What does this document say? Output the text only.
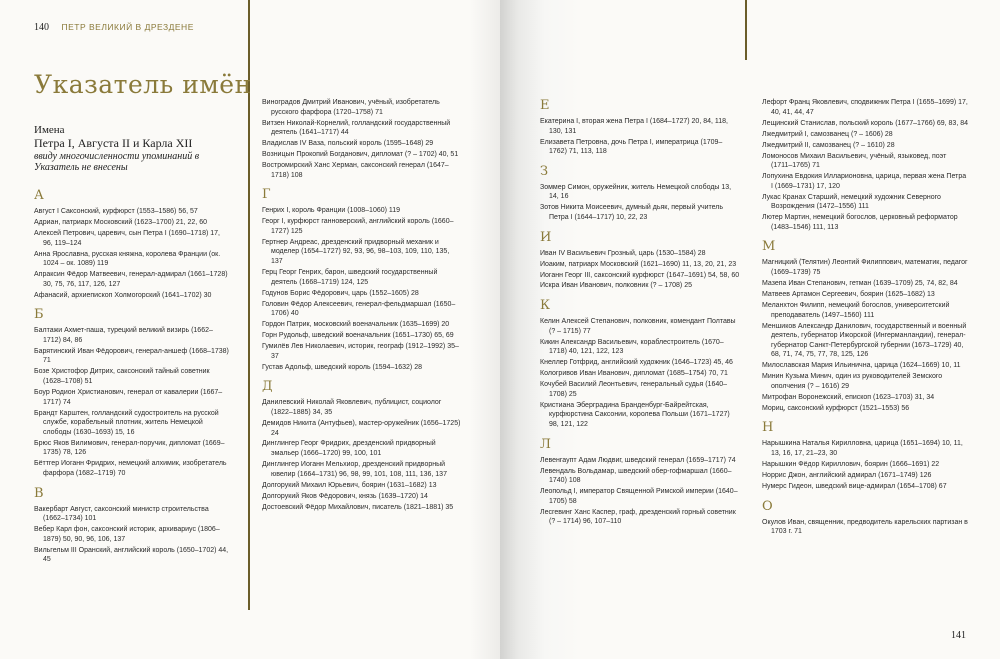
140 ПЕТР ВЕЛИКИЙ В ДРЕЗДЕНЕ
Указатель имён
Имена
Петра I, Августа II и Карла XII
ввиду многочисленности упоминаний в Указатель не внесены
А
Август I Саксонский, курфюрст (1553–1586) 56, 57
Адриан, патриарх Московский (1623–1700) 21, 22, 60
Алексей Петрович, царевич, сын Петра I (1690–1718) 17, 96, 119–124
Анна Ярославна, русская княжна, королева Франции (ок. 1024 – ок. 1089) 119
Апраксин Фёдор Матвеевич, генерал-адмирал (1661–1728) 30, 75, 76, 117, 126, 127
Афанасий, архиепископ Холмогорский (1641–1702) 30
Б
Балтажи Ахмет-паша, турецкий великий визирь (1662–1712) 84, 86
Барятинский Иван Фёдорович, генерал-аншеф (1668–1738) 71
Бозе Христофор Дитрих, саксонский тайный советник (1628–1708) 51
Боур Родион Христианович, генерал от кавалерии (1667–1717) 74
Брандт Карштен, голландский судостроитель на русской службе, корабельный плотник, житель Немецкой слободы (1630–1693) 15, 16
Брюс Яков Вилимович, генерал-поручик, дипломат (1669–1735) 78, 126
Бёттгер Иоганн Фридрих, немецкий алхимик, изобретатель фарфора (1682–1719) 70
В
Вакербарт Август, саксонский министр строительства (1662–1734) 101
Вебер Карл фон, саксонский историк, архивариус (1806–1879) 50, 90, 96, 106, 137
Вильгельм III Оранский, английский король (1650–1702) 44, 45
Виноградов Дмитрий Иванович, учёный, изобретатель русского фарфора (1720–1758) 71
Витзен Николай-Корнелий, голландский государственный деятель (1641–1717) 44
Владислав IV Ваза, польский король (1595–1648) 29
Возницын Прокопий Богданович, дипломат (? – 1702) 40, 51
Востромирский Ханс Херман, саксонский генерал (1647–1718) 108
Г
Генрих I, король Франции (1008–1060) 119
Георг I, курфюрст ганноверский, английский король (1660–1727) 125
Гертнер Андреас, дрезденский придворный механик и моделер (1654–1727) 92, 93, 96, 98–103, 109, 110, 135, 137
Герц Георг Генрих, барон, шведский государственный деятель (1668–1719) 124, 125
Годунов Борис Фёдорович, царь (1552–1605) 28
Головин Фёдор Алексеевич, генерал-фельдмаршал (1650–1706) 40
Гордон Патрик, московский военачальник (1635–1699) 20
Горн Рудольф, шведский военачальник (1651–1730) 65, 69
Гумилёв Лев Николаевич, историк, географ (1912–1992) 35–37
Густав Адольф, шведский король (1594–1632) 28
Д
Данилевский Николай Яковлевич, публицист, социолог (1822–1885) 34, 35
Демидов Никита (Антуфьев), мастер-оружейник (1656–1725) 24
Динглингер Георг Фридрих, дрезденский придворный эмальер (1666–1720) 99, 100, 101
Динглингер Иоганн Мельхиор, дрезденский придворный ювелир (1664–1731) 96, 98, 99, 101, 108, 111, 136, 137
Долгорукий Михаил Юрьевич, боярин (1631–1682) 13
Долгорукий Яков Фёдорович, князь (1639–1720) 14
Достоевский Фёдор Михайлович, писатель (1821–1881) 35
Е
Екатерина I, вторая жена Петра I (1684–1727) 20, 84, 118, 130, 131
Елизавета Петровна, дочь Петра I, императрица (1709–1762) 71, 113, 118
З
Зоммер Симон, оружейник, житель Немецкой слободы 13, 14, 16
Зотов Никита Моисеевич, думный дьяк, первый учитель Петра I (1644–1717) 10, 22, 23
И
Иван IV Васильевич Грозный, царь (1530–1584) 28
Иоаким, патриарх Московский (1621–1690) 11, 13, 20, 21, 23
Иоганн Георг III, саксонский курфюрст (1647–1691) 54, 58, 60
Искра Иван Иванович, полковник (? – 1708) 25
К
Келин Алексей Степанович, полковник, комендант Полтавы (? – 1715) 77
Кикин Александр Васильевич, кораблестроитель (1670–1718) 40, 121, 122, 123
Кнеллер Готфрид, английский художник (1646–1723) 45, 46
Кологривов Иван Иванович, дипломат (1685–1754) 70, 71
Кочубей Василий Леонтьевич, генеральный судья (1640–1708) 25
Кристиана Эберградина Бранденбург-Байрейтская, курфюрстина Саксонии, королева Польши (1671–1727) 98, 121, 122
Л
Левенгаупт Адам Людвиг, шведский генерал (1659–1717) 74
Левендаль Вольдамар, шведский обер-гофмаршал (1660–1740) 108
Леопольд I, император Священной Римской империи (1640–1705) 58
Лесгевинг Ханс Каспер, граф, дрезденский горный советник (? – 1714) 96, 107–110
Лефорт Франц Яковлевич, сподвижник Петра I (1655–1699) 17, 40, 41, 44, 47
Лещинский Станислав, польский король (1677–1766) 69, 83, 84
Лжедмитрий I, самозванец (? – 1606) 28
Лжедмитрий II, самозванец (? – 1610) 28
Ломоносов Михаил Васильевич, учёный, языковед, поэт (1711–1765) 71
Лопухина Евдокия Илларионовна, царица, первая жена Петра I (1669–1731) 17, 120
Лукас Кранах Старший, немецкий художник Северного Возрождения (1472–1556) 111
Лютер Мартин, немецкий богослов, церковный реформатор (1483–1546) 111, 113
М
Магницкий (Телятин) Леонтий Филиппович, математик, педагог (1669–1739) 75
Мазепа Иван Степанович, гетман (1639–1709) 25, 74, 82, 84
Матвеев Артамон Сергеевич, боярин (1625–1682) 13
Меланхтон Филипп, немецкий богослов, университетский преподаватель (1497–1560) 111
Меншиков Александр Данилович, государственный и военный деятель, губернатор Ижорской (Ингерманландии), генерал-губернатор Санкт-Петербургской губернии (1673–1729) 40, 68, 71, 74, 75, 77, 78, 125, 126
Милославская Мария Ильинична, царица (1624–1669) 10, 11
Минин Кузьма Минич, один из руководителей Земского ополчения (? – 1616) 29
Митрофан Воронежский, епископ (1623–1703) 31, 34
Мориц, саксонский курфюрст (1521–1553) 56
Н
Нарышкина Наталья Кирилловна, царица (1651–1694) 10, 11, 13, 16, 17, 21–23, 30
Нарышкин Фёдор Кириллович, боярин (1666–1691) 22
Норрис Джон, английский адмирал (1671–1749) 126
Нумерс Гидеон, шведский вице-адмирал (1654–1708) 67
О
Окулов Иван, священник, предводитель карельских партизан в 1703 г. 71
141
